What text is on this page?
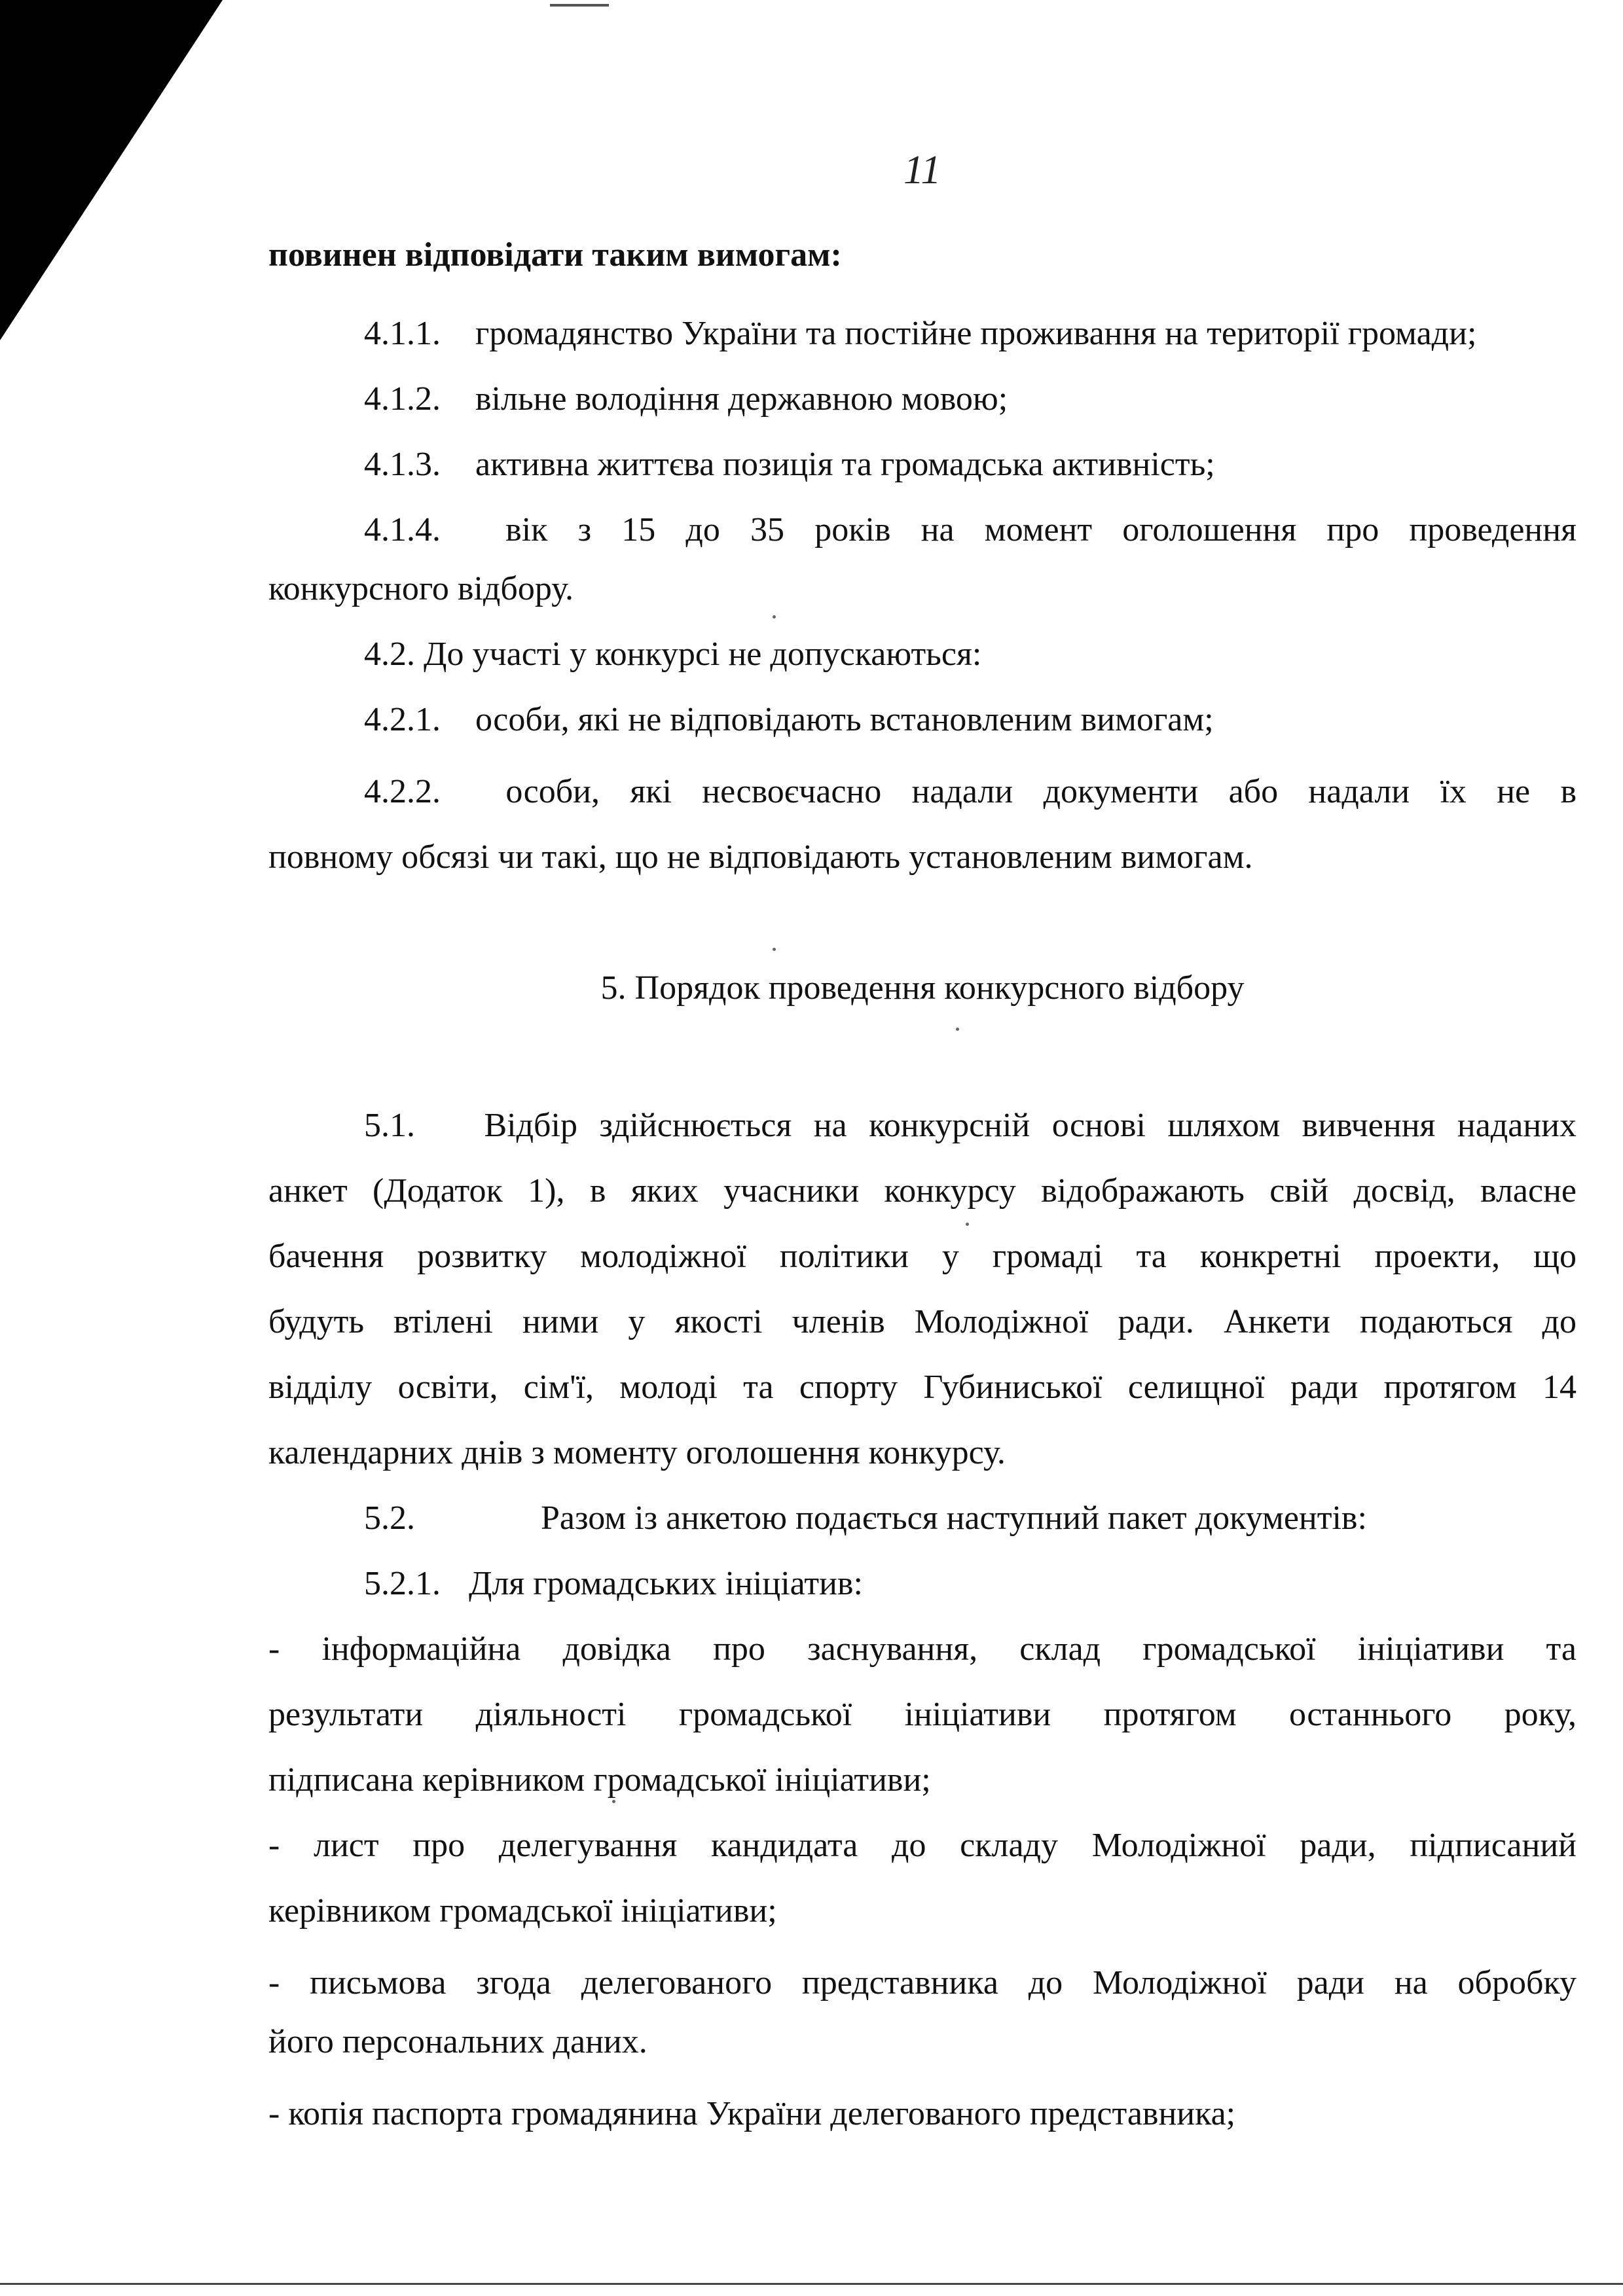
11
повинен відповідати таким вимогам:
4.1.1. громадянство України та постійне проживання на території громади;
4.1.2. вільне володіння державною мовою;
4.1.3. активна життєва позиція та громадська активність;
4.1.4. вік з 15 до 35 років на момент оголошення про проведення
конкурсного відбору.
4.2. До участі у конкурсі не допускаються:
4.2.1. особи, які не відповідають встановленим вимогам;
4.2.2. особи, які несвоєчасно надали документи або надали їх не в
повному обсязі чи такі, що не відповідають установленим вимогам.
5. Порядок проведення конкурсного відбору
5.1. Відбір здійснюється на конкурсній основі шляхом вивчення наданих
анкет (Додаток 1), в яких учасники конкурсу відображають свій досвід, власне
бачення розвитку молодіжної політики у громаді та конкретні проекти, що
будуть втілені ними у якості членів Молодіжної ради. Анкети подаються до
відділу освіти, сім'ї, молоді та спорту Губиниської селищної ради протягом 14
календарних днів з моменту оголошення конкурсу.
5.2.	Разом із анкетою подається наступний пакет документів:
5.2.1. Для громадських ініціатив:
- інформаційна довідка про заснування, склад громадської ініціативи та
результати діяльності громадської ініціативи протягом останнього року,
підписана керівником громадської ініціативи;
- лист про делегування кандидата до складу Молодіжної ради, підписаний
керівником громадської ініціативи;
- письмова згода делегованого представника до Молодіжної ради на обробку
його персональних даних.
- копія паспорта громадянина України делегованого представника;
